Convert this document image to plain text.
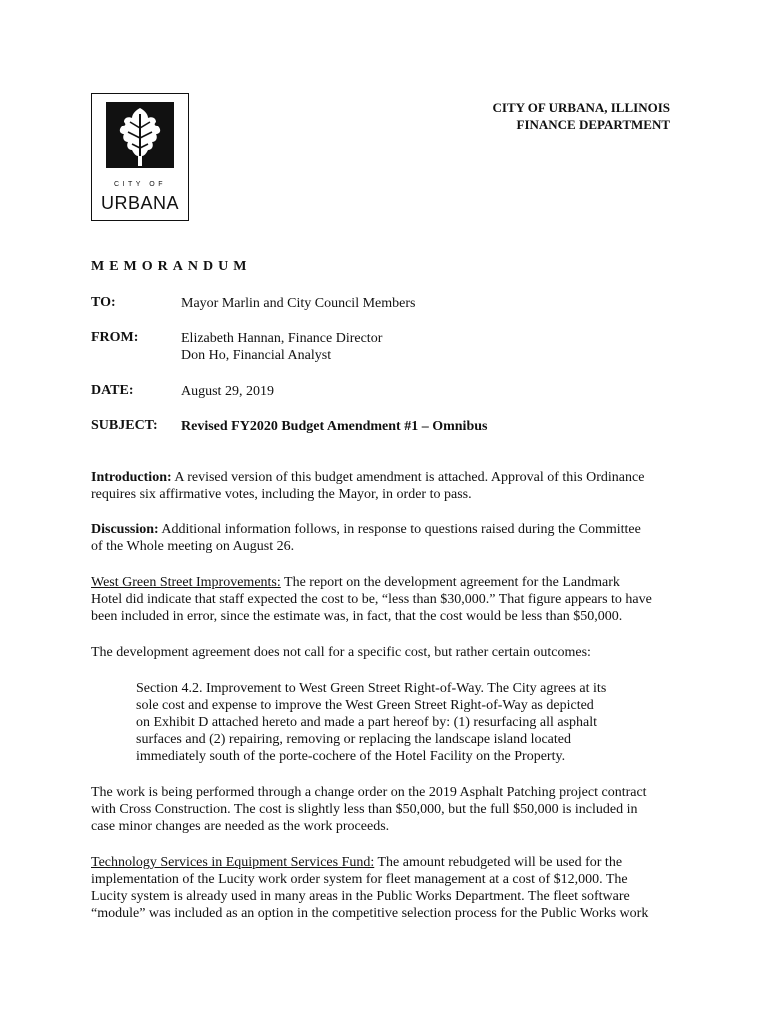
CITY OF
URBANA
CITY OF URBANA, ILLINOIS
FINANCE DEPARTMENT
MEMORANDUM
TO:	Mayor Marlin and City Council Members
FROM:	Elizabeth Hannan, Finance Director
Don Ho, Financial Analyst
DATE:	August 29, 2019
SUBJECT: Revised FY2020 Budget Amendment #1 – Omnibus
Introduction: A revised version of this budget amendment is attached. Approval of this Ordinance
requires six affirmative votes, including the Mayor, in order to pass.
Discussion: Additional information follows, in response to questions raised during the Committee
of the Whole meeting on August 26.
West Green Street Improvements: The report on the development agreement for the Landmark
Hotel did indicate that staff expected the cost to be, “less than $30,000.” That figure appears to have
been included in error, since the estimate was, in fact, that the cost would be less than $50,000.
The development agreement does not call for a specific cost, but rather certain outcomes:
Section 4.2. Improvement to West Green Street Right-of-Way. The City agrees at its
sole cost and expense to improve the West Green Street Right-of-Way as depicted
on Exhibit D attached hereto and made a part hereof by: (1) resurfacing all asphalt
surfaces and (2) repairing, removing or replacing the landscape island located
immediately south of the porte-cochere of the Hotel Facility on the Property.
The work is being performed through a change order on the 2019 Asphalt Patching project contract
with Cross Construction. The cost is slightly less than $50,000, but the full $50,000 is included in
case minor changes are needed as the work proceeds.
Technology Services in Equipment Services Fund: The amount rebudgeted will be used for the
implementation of the Lucity work order system for fleet management at a cost of $12,000. The
Lucity system is already used in many areas in the Public Works Department. The fleet software
“module” was included as an option in the competitive selection process for the Public Works work
